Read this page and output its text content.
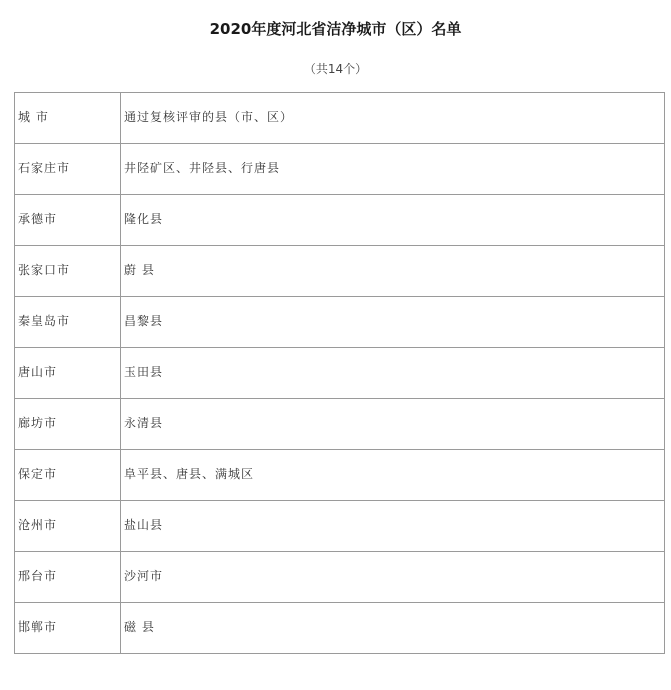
2020年度河北省洁净城市（区）名单
（共14个）
城 市	通过复核评审的县（市、区）

石家庄市	井陉矿区、井陉县、行唐县

承德市	隆化县

张家口市	蔚 县

秦皇岛市	昌黎县

唐山市	玉田县

廊坊市	永清县

保定市	阜平县、唐县、满城区

沧州市	盐山县

邢台市	沙河市

邯郸市	磁 县
